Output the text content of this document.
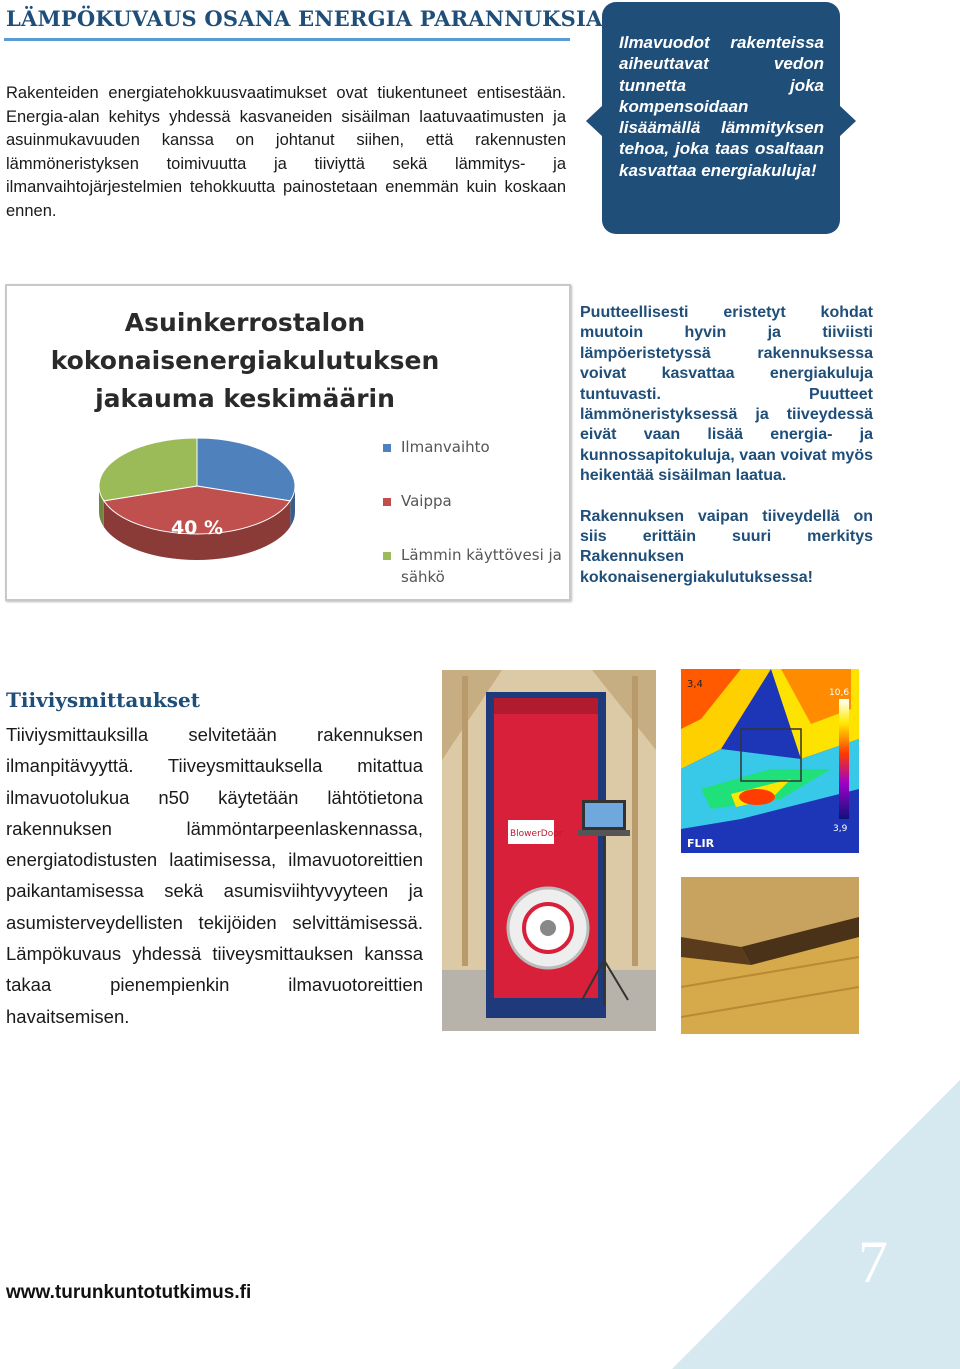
LÄMPÖKUVAUS OSANA ENERGIA PARANNUKSIA

Rakenteiden energiatehokkuusvaatimukset ovat tiukentuneet entisestään. Energia-alan kehitys yhdessä kasvaneiden sisäilman laatuvaatimusten ja asuinmukavuuden kanssa on johtanut siihen, että rakennusten lämmöneristyksen toimivuutta ja tiiviyttä sekä lämmitys- ja ilmanvaihtojärjestelmien tehokkuutta painostetaan enemmän kuin koskaan ennen.

Ilmavuodot rakenteissa aiheuttavat vedon tunnetta joka kompensoidaan lisäämällä lämmityksen tehoa, joka taas osaltaan kasvattaa energiakuluja!

Asuinkerrostalon
kokonaisenergiakulutuksen
jakauma keskimäärin
40 %
Ilmanvaihto
Vaippa
Lämmin käyttövesi ja sähkö

Puutteellisesti eristetyt kohdat muutoin hyvin ja tiiviisti lämpöeristetyssä rakennuksessa voivat kasvattaa energiakuluja tuntuvasti. Puutteet lämmöneristyksessä ja tiiveydessä eivät vaan lisää energia- ja kunnossapitokuluja, vaan voivat myös heikentää sisäilman laatua.

Rakennuksen vaipan tiiveydellä on siis erittäin suuri merkitys Rakennuksen kokonaisenergiakulutuksessa!

Tiiviysmittaukset

Tiiviysmittauksilla selvitetään rakennuksen ilmanpitävyyttä. Tiiveysmittauksella mitattua ilmavuotolukua n50 käytetään lähtötietona rakennuksen lämmöntarpeenlaskennassa, energiatodistusten laatimisessa, ilmavuotoreittien paikantamisessa sekä asumisviihtyvyyteen ja asumisterveydellisten tekijöiden selvittämisessä. Lämpökuvaus yhdessä tiiveysmittauksen kanssa takaa pienempienkin ilmavuotoreittien havaitsemisen.

BlowerDoor
3,4
10,6
3,9
FLIR
www.turunkuntotutkimus.fi	7
